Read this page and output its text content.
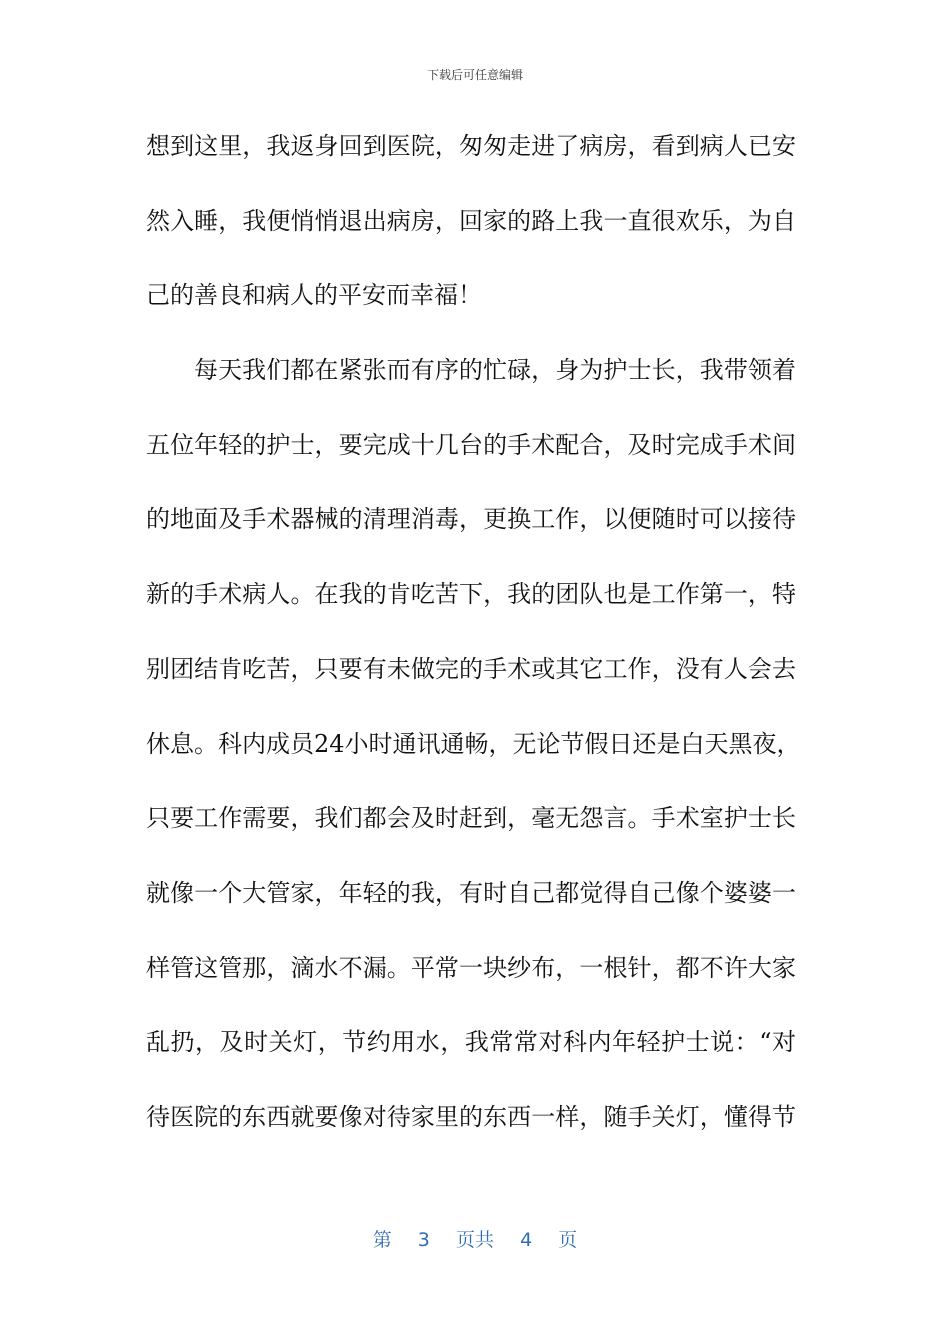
下载后可任意编辑
想到这里，我返身回到医院，匆匆走进了病房，看到病人已安
然入睡，我便悄悄退出病房，回家的路上我一直很欢乐，为自
己的善良和病人的平安而幸福！
每天我们都在紧张而有序的忙碌，身为护士长，我带领着
五位年轻的护士，要完成十几台的手术配合，及时完成手术间
的地面及手术器械的清理消毒，更换工作，以便随时可以接待
新的手术病人。在我的肯吃苦下，我的团队也是工作第一，特
别团结肯吃苦，只要有未做完的手术或其它工作，没有人会去
休息。科内成员24小时通讯通畅，无论节假日还是白天黑夜，
只要工作需要，我们都会及时赶到，毫无怨言。手术室护士长
就像一个大管家，年轻的我，有时自己都觉得自己像个婆婆一
样管这管那，滴水不漏。平常一块纱布，一根针，都不许大家
乱扔，及时关灯，节约用水，我常常对科内年轻护士说：“对
待医院的东西就要像对待家里的东西一样，随手关灯，懂得节
第 3 页共 4 页
